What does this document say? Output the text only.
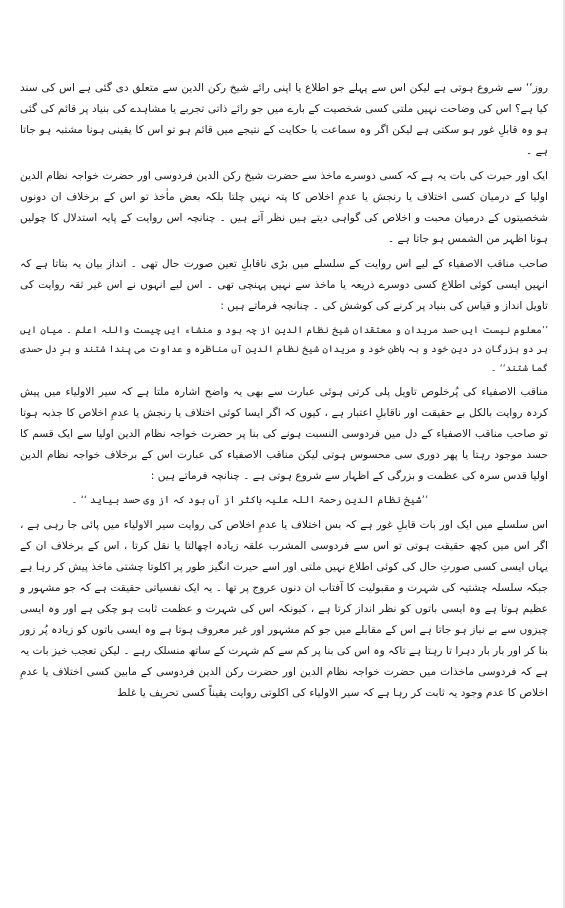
روز‘‘ سے شروع ہوتی ہے لیکن اس سے پہلے جو اطلاع یا اپنی رائے شیخ رکن الدین سے متعلق دی گئی ہے اس کی سند کیا ہے؟ اس کی وضاحت نہیں ملتی کسی شخصیت کے بارے میں جو رائے ذاتی تجربے یا مشاہدے کی بنیاد پر قائم کی گئی ہو وہ قابلِ غور ہو سکتی ہے لیکن اگر وہ سماعت یا حکایت کے نتیجے میں قائم ہو تو اس کا یقینی ہونا مشتبہ ہو جاتا ہے ۔

ایک اور حیرت کی بات یہ ہے کہ کسی دوسرے ماخذ سے حضرت شیخ رکن الدین فردوسی اور حضرت خواجہ نظام الدین اولیا کے درمیان کسی اختلاف یا رنجش یا عدمِ اخلاص کا پتہ نہیں چلتا بلکہ بعض ماٰخذ تو اس کے برخلاف ان دونوں شخصیتوں کے درمیان محبت و اخلاص کی گواہی دیتے ہیں نظر آتے ہیں ۔ چنانچہ اس روایت کے پایہ استدلال کا چولیں ہونا اظہر من الشمس ہو جاتا ہے ۔

صاحب مناقب الاصفیاء کے لیے اس روایت کے سلسلے میں بڑی ناقابلِ تعین صورت حال تھی ۔ انداز بیان یہ بتاتا ہے کہ انہیں ایسی کوئی اطلاع کسی دوسرے ذریعہ یا ماخذ سے نہیں پہنچی تھی ۔ اس لیے انہوں نے اس غیر ثقہ روایت کی تاویل انداز و قیاس کی بنیاد پر کرنے کی کوشش کی ۔ چنانچہ فرماتے ہیں :

’’معلوم نیست ایں حسد مریدان و معتقدان شیخ نظام الدین از چہ بود و منشاء ایں چیست واللہ اعلم ۔ میان ایں ہر دو بزرگان در دینِ خود و بہ باطن خود و مریدان شیخ نظام الدین آں مناظرہ و عداوت می پندا شتند و برِ دل حسدی گما شتند‘‘ ۔

مناقب الاصفیاء کی پُرخلوص تاویل پلی کرتی ہوئی عبارت سے بھی یہ واضح اشارہ ملتا ہے کہ سیر الاولیاء میں پیش کردہ روایت بالکل بے حقیقت اور ناقابلِ اعتبار ہے ، کیوں کہ اگر ایسا کوئی اختلاف یا رنجش یا عدمِ اخلاص کا جذبہ ہوتا تو صاحب مناقب الاصفیاء کے دل میں فردوسی النسبت ہونے کی بنا پر حضرت خواجہ نظام الدین اولیا سے ایک قسم کا حسد موجود رہتا یا پھر دوری سی محسوس ہوتی لیکن مناقب الاصفیاء کی عبارت اس کے برخلاف خواجہ نظام الدین اولیا قدس سرہ کی عظمت و بزرگی کے اظہار سے شروع ہوتی ہے ۔ چنانچہ فرماتے ہیں :

’’شیخ نظام الدین رحمۃ اللہ علیہ باکثر از آں بود کہ از وی حسد بیاید ‘‘ ۔

اس سلسلے میں ایک اور بات قابلِ غور ہے کہ بس اختلاف یا عدمِ اخلاص کی روایت سیر الاولیاء میں پائی جا رہی ہے ، اگر اس میں کچھ حقیقت ہوتی تو اس سے فردوسی المشرب علقہ زیادہ اچھالتا یا نقل کرتا ، اس کے برخلاف ان کے یہاں ایسی کسی صورتِ حال کی کوئی اطلاع نہیں ملتی اور اسے حیرت انگیز طور پر اکلوتا چشتی ماخذ پیش کر رہا ہے جبکہ سلسلہ چشتیہ کی شہرت و مقبولیت کا آفتاب ان دنوں عروج پر تھا ۔ یہ ایک نفسیاتی حقیقت ہے کہ جو مشہور و عظیم ہوتا ہے وہ ایسی باتوں کو نظر انداز کرتا ہے ، کیونکہ اس کی شہرت و عظمت ثابت ہو چکی ہے اور وہ ایسی چیزوں سے بے نیاز ہو جاتا ہے اس کے مقابلے میں جو کم مشہور اور غیر معروف ہوتا ہے وہ ایسی باتوں کو زیادہ پُر زور بنا کر اور بار بار دہرا تا رہتا ہے تاکہ وہ اس کی بنا پر کم سے کم شہرت کے ساتھ منسلک رہے ۔ لیکن تعجب خیز بات یہ ہے کہ فردوسی ماخذات میں حضرت خواجہ نظام الدین اور حضرت رکن الدین فردوسی کے مابین کسی اختلاف یا عدمِ اخلاص کا عدم وجود یہ ثابت کر رہا ہے کہ سیر الاولیاء کی اکلوتی روایت یقیناً کسی تحریف یا غلط
